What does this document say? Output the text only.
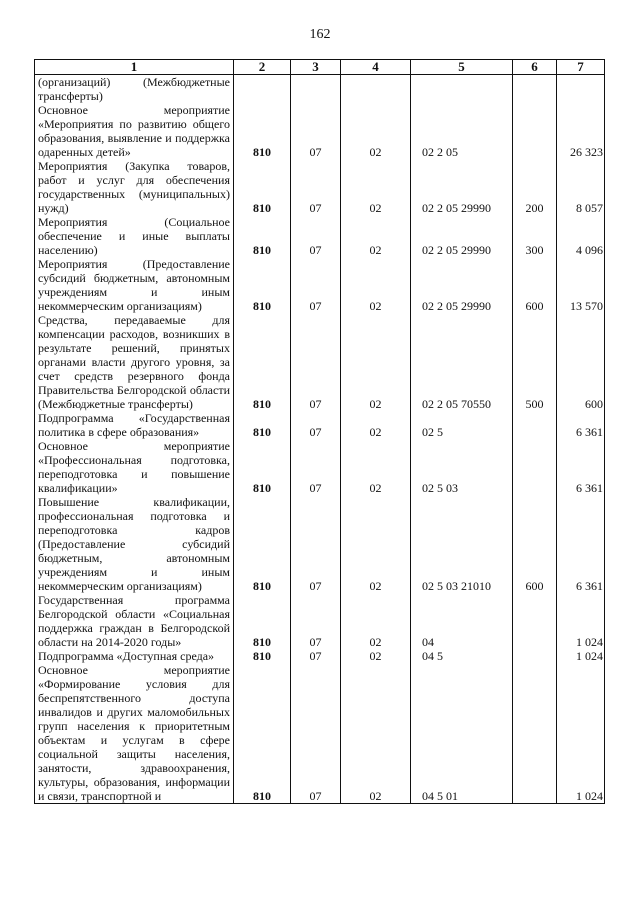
162
1	2	3	4	5	6	7
(организаций) (Межбюджетные трансферты)						
Основное мероприятие «Мероприятия по развитию общего образования, выявление и поддержка одаренных детей»	810	07	02	02 2 05		26 323
Мероприятия (Закупка товаров, работ и услуг для обеспечения государственных (муниципальных) нужд)	810	07	02	02 2 05 29990	200	8 057
Мероприятия (Социальное обеспечение и иные выплаты населению)	810	07	02	02 2 05 29990	300	4 096
Мероприятия (Предоставление субсидий бюджетным, автономным учреждениям и иным некоммерческим организациям)	810	07	02	02 2 05 29990	600	13 570
Средства, передаваемые для компенсации расходов, возникших в результате решений, принятых органами власти другого уровня, за счет средств резервного фонда Правительства Белгородской области (Межбюджетные трансферты)	810	07	02	02 2 05 70550	500	600
Подпрограмма «Государственная политика в сфере образования»	810	07	02	02 5		6 361
Основное мероприятие «Профессиональная подготовка, переподготовка и повышение квалификации»	810	07	02	02 5 03		6 361
Повышение квалификации, профессиональная подготовка и переподготовка кадров (Предоставление субсидий бюджетным, автономным учреждениям и иным некоммерческим организациям)	810	07	02	02 5 03 21010	600	6 361
Государственная программа Белгородской области «Социальная поддержка граждан в Белгородской области на 2014-2020 годы»	810	07	02	04		1 024
Подпрограмма «Доступная среда»	810	07	02	04 5		1 024
Основное мероприятие «Формирование условия для беспрепятственного доступа инвалидов и других маломобильных групп населения к приоритетным объектам и услугам в сфере социальной защиты населения, занятости, здравоохранения, культуры, образования, информации и связи, транспортной и	810	07	02	04 5 01		1 024
